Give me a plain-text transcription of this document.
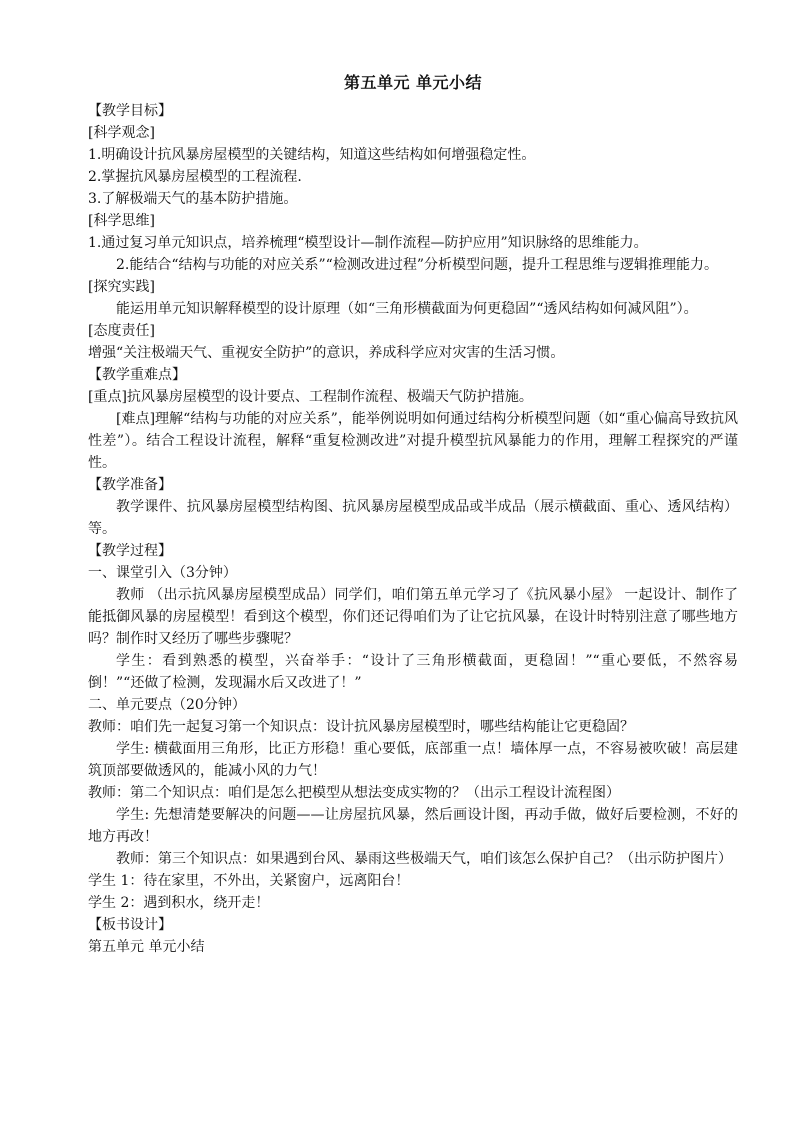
第五单元 单元小结
【教学目标】
[科学观念]
1.明确设计抗风暴房屋模型的关键结构，知道这些结构如何增强稳定性。
2.掌握抗风暴房屋模型的工程流程.
3.了解极端天气的基本防护措施。
[科学思维]
1.通过复习单元知识点，培养梳理“模型设计—制作流程—防护应用”知识脉络的思维能力。
2.能结合“结构与功能的对应关系”“检测改进过程”分析模型问题，提升工程思维与逻辑推理能力。
[探究实践]
能运用单元知识解释模型的设计原理（如“三角形横截面为何更稳固”“透风结构如何减风阻”）。
[态度责任]
增强“关注极端天气、重视安全防护”的意识，养成科学应对灾害的生活习惯。
【教学重难点】
[重点]抗风暴房屋模型的设计要点、工程制作流程、极端天气防护措施。
[难点]理解“结构与功能的对应关系”，能举例说明如何通过结构分析模型问题（如“重心偏高导致抗风性差”）。结合工程设计流程，解释“重复检测改进”对提升模型抗风暴能力的作用，理解工程探究的严谨性。
【教学准备】
教学课件、抗风暴房屋模型结构图、抗风暴房屋模型成品或半成品（展示横截面、重心、透风结构）等。
【教学过程】
一、课堂引入（3分钟）
教师 （出示抗风暴房屋模型成品）同学们，咱们第五单元学习了《抗风暴小屋》 一起设计、制作了能抵御风暴的房屋模型！看到这个模型，你们还记得咱们为了让它抗风暴，在设计时特别注意了哪些地方吗？制作时又经历了哪些步骤呢？
学生：看到熟悉的模型，兴奋举手：“设计了三角形横截面，更稳固！”“重心要低，不然容易倒！”“还做了检测，发现漏水后又改进了！”
二、单元要点（20分钟）
教师：咱们先一起复习第一个知识点：设计抗风暴房屋模型时，哪些结构能让它更稳固？
学生: 横截面用三角形，比正方形稳！重心要低，底部重一点！墙体厚一点，不容易被吹破！高层建筑顶部要做透风的，能减小风的力气！
教师：第二个知识点：咱们是怎么把模型从想法变成实物的？（出示工程设计流程图）
学生: 先想清楚要解决的问题——让房屋抗风暴，然后画设计图，再动手做，做好后要检测，不好的地方再改！
教师：第三个知识点：如果遇到台风、暴雨这些极端天气，咱们该怎么保护自己？（出示防护图片）
学生 1：待在家里，不外出，关紧窗户，远离阳台！
学生 2：遇到积水，绕开走！
【板书设计】
第五单元 单元小结
